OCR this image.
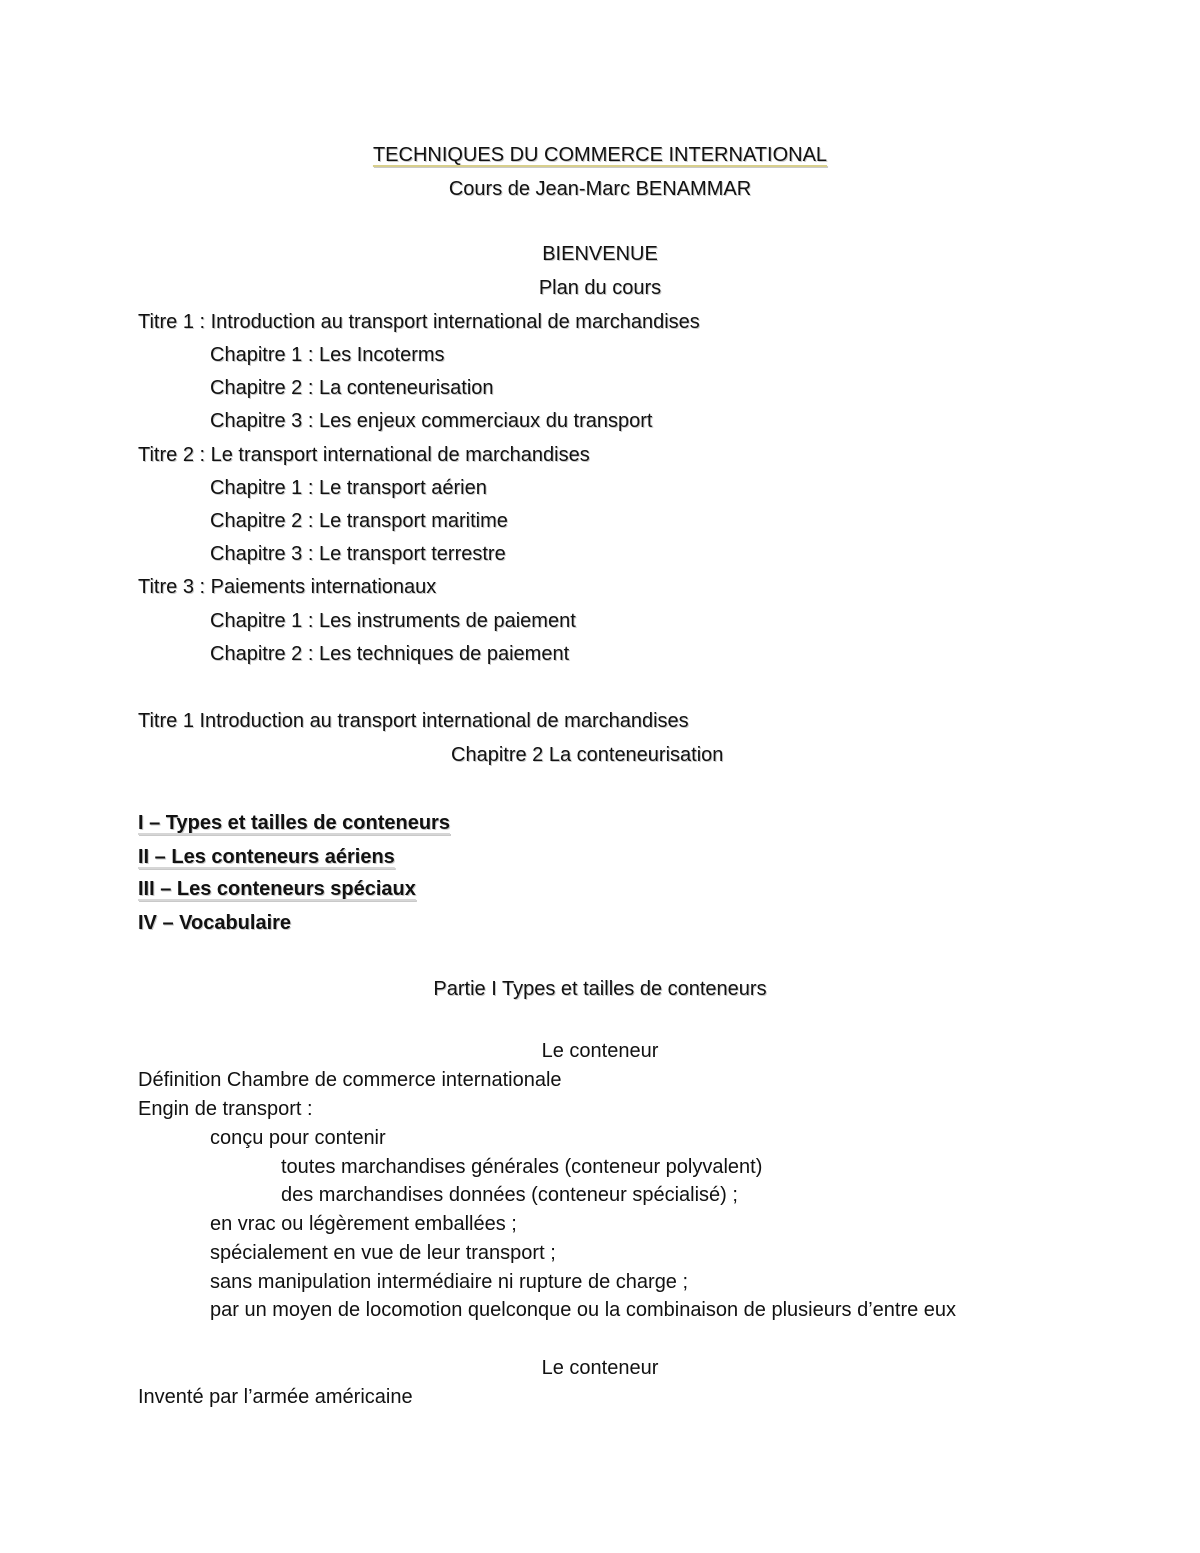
TECHNIQUES DU COMMERCE INTERNATIONAL
Cours de Jean-Marc BENAMMAR
BIENVENUE
Plan du cours
Titre 1 : Introduction au transport international de marchandises
Chapitre 1 : Les Incoterms
Chapitre 2 : La conteneurisation
Chapitre 3 : Les enjeux commerciaux du transport
Titre 2 : Le transport international de marchandises
Chapitre 1 : Le transport aérien
Chapitre 2 : Le transport maritime
Chapitre 3 : Le transport terrestre
Titre 3 : Paiements internationaux
Chapitre 1 : Les instruments de paiement
Chapitre 2 : Les techniques de paiement
Titre 1 Introduction au transport international de marchandises
Chapitre 2 La conteneurisation
I – Types et tailles de conteneurs
II – Les conteneurs aériens
III – Les conteneurs spéciaux
IV – Vocabulaire
Partie I Types et tailles de conteneurs
Le conteneur
Définition Chambre de commerce internationale
Engin de transport :
conçu pour contenir
toutes marchandises générales (conteneur polyvalent)
des marchandises données (conteneur spécialisé) ;
en vrac ou légèrement emballées ;
spécialement en vue de leur transport ;
sans manipulation intermédiaire ni rupture de charge ;
par un moyen de locomotion quelconque ou la combinaison de plusieurs d’entre eux
Le conteneur
Inventé par l’armée américaine
